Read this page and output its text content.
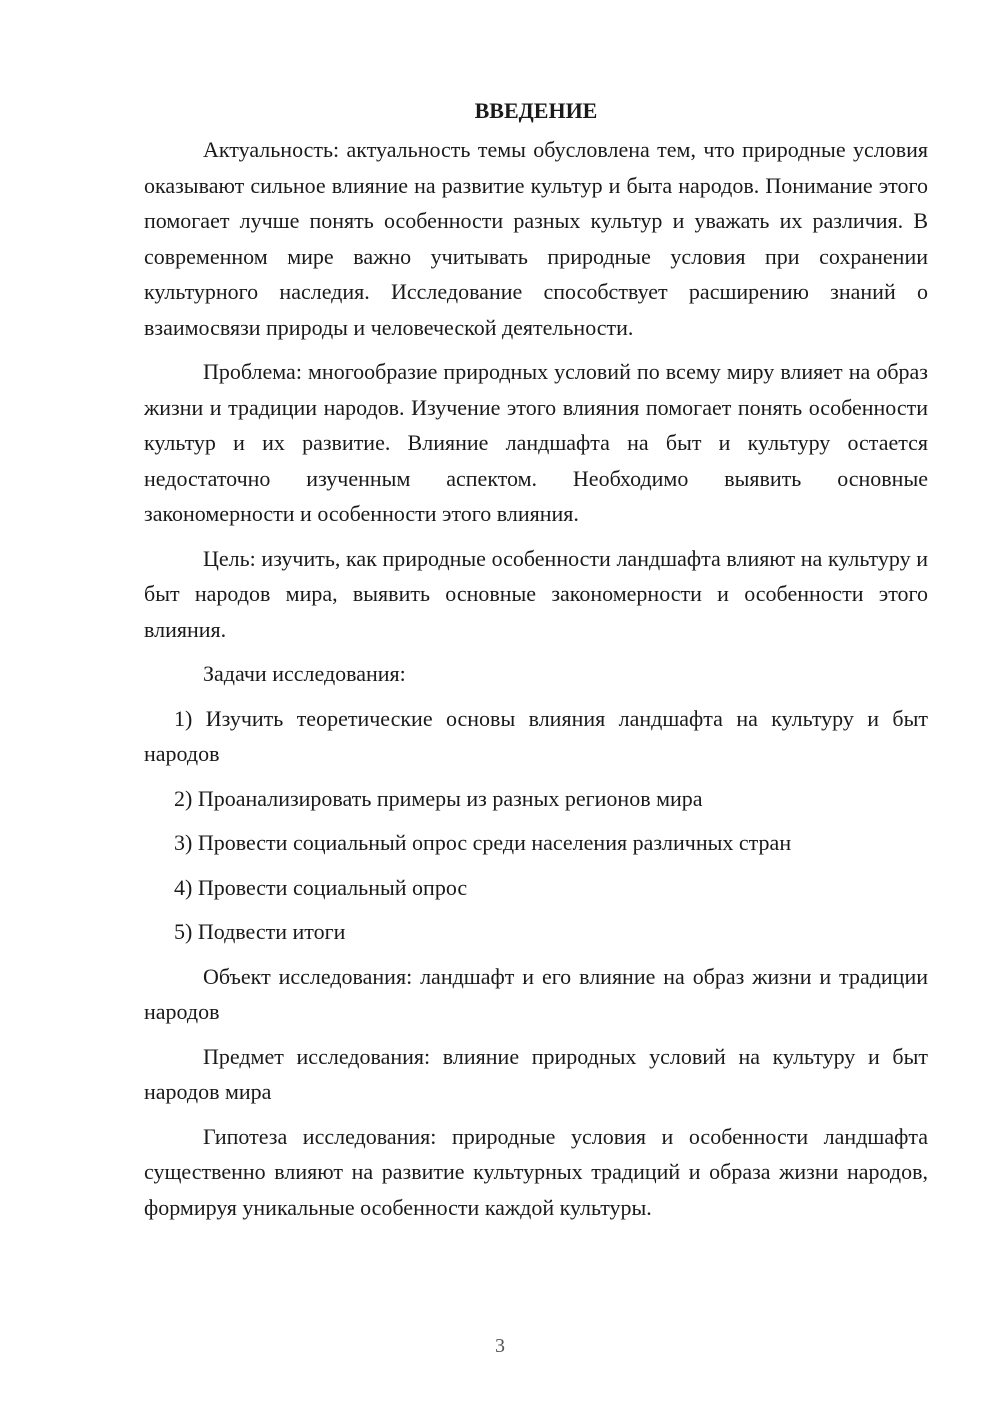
ВВЕДЕНИЕ

Актуальность: актуальность темы обусловлена тем, что природные условия оказывают сильное влияние на развитие культур и быта народов. Понимание этого помогает лучше понять особенности разных культур и уважать их различия. В современном мире важно учитывать природные условия при сохранении культурного наследия. Исследование способствует расширению знаний о взаимосвязи природы и человеческой деятельности.

Проблема: многообразие природных условий по всему миру влияет на образ жизни и традиции народов. Изучение этого влияния помогает понять особенности культур и их развитие. Влияние ландшафта на быт и культуру остается недостаточно изученным аспектом. Необходимо выявить основные закономерности и особенности этого влияния.

Цель: изучить, как природные особенности ландшафта влияют на культуру и быт народов мира, выявить основные закономерности и особенности этого влияния.

Задачи исследования:

1) Изучить теоретические основы влияния ландшафта на культуру и быт народов

2) Проанализировать примеры из разных регионов мира

3) Провести социальный опрос среди населения различных стран

4) Провести социальный опрос

5) Подвести итоги

Объект исследования: ландшафт и его влияние на образ жизни и традиции народов

Предмет исследования: влияние природных условий на культуру и быт народов мира

Гипотеза исследования: природные условия и особенности ландшафта существенно влияют на развитие культурных традиций и образа жизни народов, формируя уникальные особенности каждой культуры.

3
